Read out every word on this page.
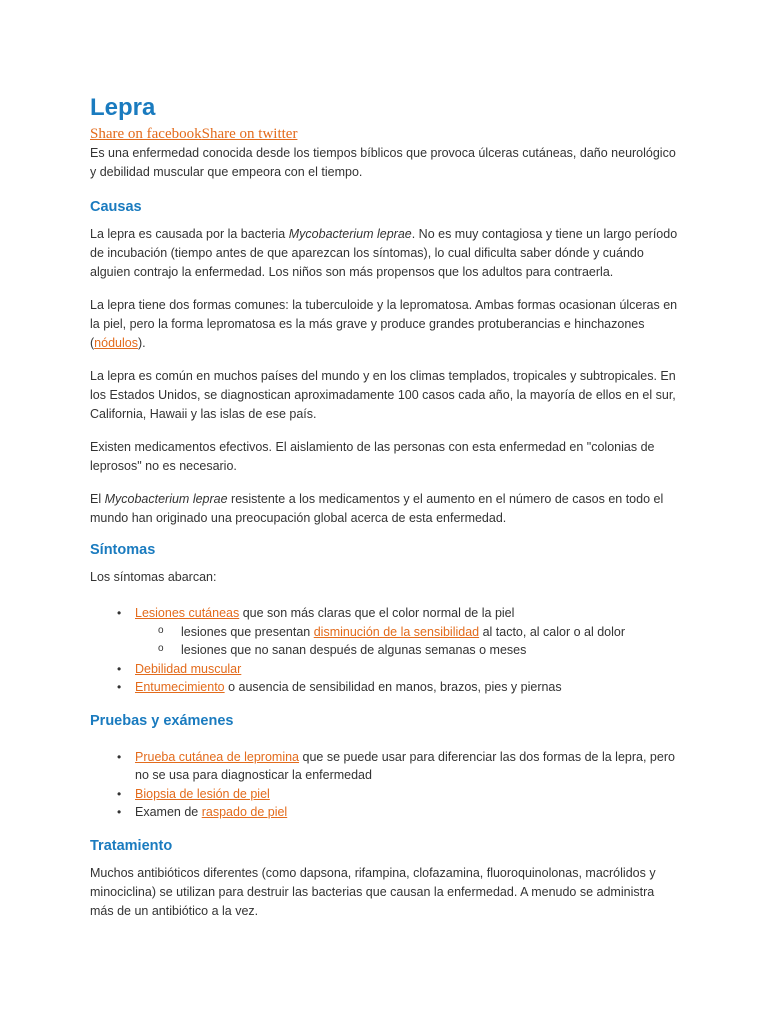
Lepra
Share on facebookShare on twitter

Es una enfermedad conocida desde los tiempos bíblicos que provoca úlceras cutáneas, daño neurológico y debilidad muscular que empeora con el tiempo.

Causas

La lepra es causada por la bacteria Mycobacterium leprae. No es muy contagiosa y tiene un largo período de incubación (tiempo antes de que aparezcan los síntomas), lo cual dificulta saber dónde y cuándo alguien contrajo la enfermedad. Los niños son más propensos que los adultos para contraerla.

La lepra tiene dos formas comunes: la tuberculoide y la lepromatosa. Ambas formas ocasionan úlceras en la piel, pero la forma lepromatosa es la más grave y produce grandes protuberancias e hinchazones (nódulos).

La lepra es común en muchos países del mundo y en los climas templados, tropicales y subtropicales. En los Estados Unidos, se diagnostican aproximadamente 100 casos cada año, la mayoría de ellos en el sur, California, Hawaii y las islas de ese país.

Existen medicamentos efectivos. El aislamiento de las personas con esta enfermedad en "colonias de leprosos" no es necesario.

El Mycobacterium leprae resistente a los medicamentos y el aumento en el número de casos en todo el mundo han originado una preocupación global acerca de esta enfermedad.

Síntomas

Los síntomas abarcan:

• Lesiones cutáneas que son más claras que el color normal de la piel
o lesiones que presentan disminución de la sensibilidad al tacto, al calor o al dolor
o lesiones que no sanan después de algunas semanas o meses
• Debilidad muscular
• Entumecimiento o ausencia de sensibilidad en manos, brazos, pies y piernas
Pruebas y exámenes
• Prueba cutánea de lepromina que se puede usar para diferenciar las dos formas de la lepra, pero no se usa para diagnosticar la enfermedad
• Biopsia de lesión de piel
• Examen de raspado de piel
Tratamiento

Muchos antibióticos diferentes (como dapsona, rifampina, clofazamina, fluoroquinolonas, macrólidos y minociclina) se utilizan para destruir las bacterias que causan la enfermedad. A menudo se administra más de un antibiótico a la vez.
